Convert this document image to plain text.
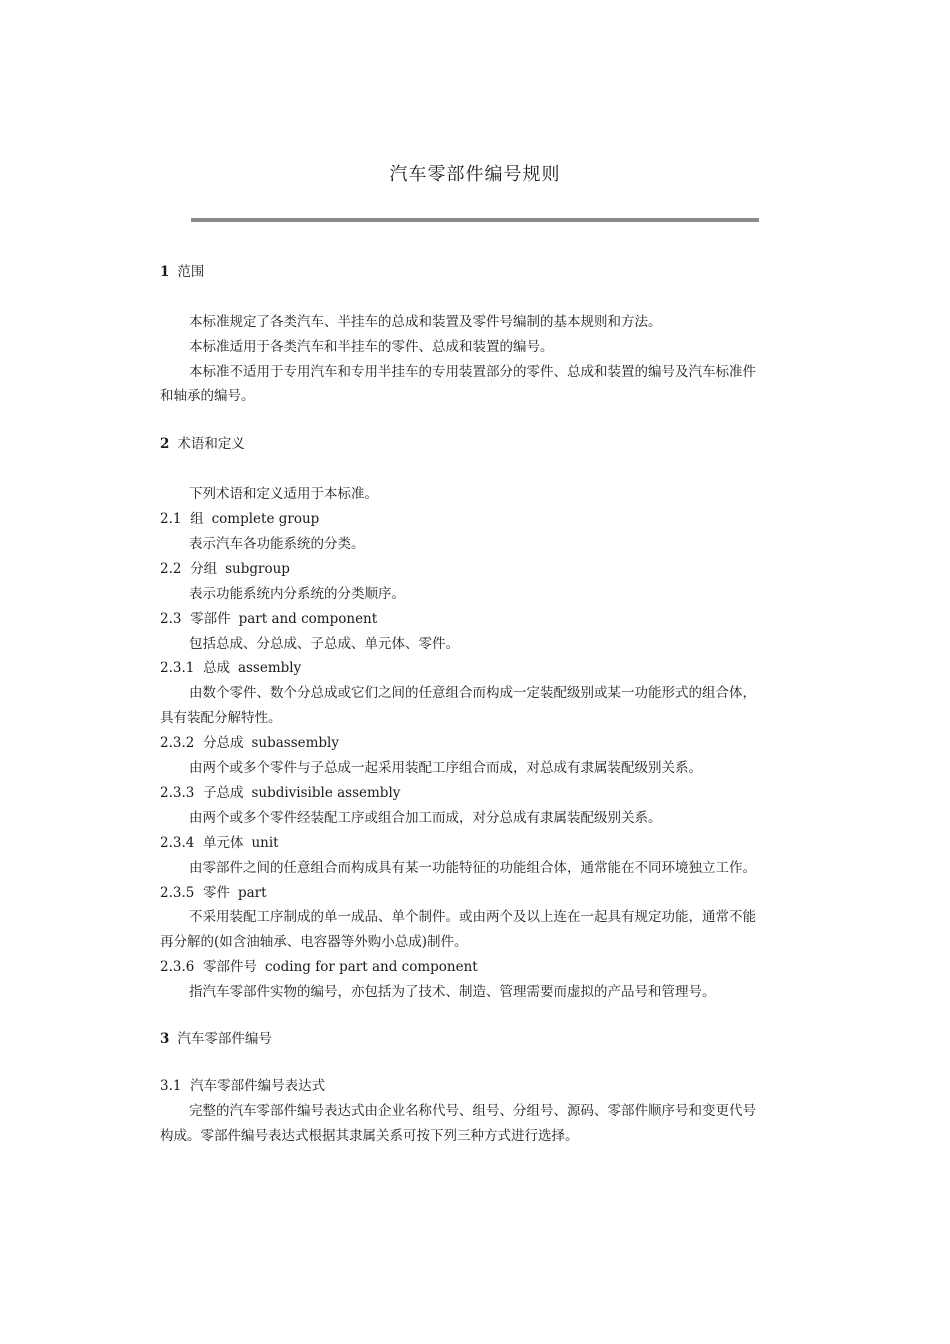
汽车零部件编号规则
1 范围
本标准规定了各类汽车、半挂车的总成和装置及零件号编制的基本规则和方法。
本标准适用于各类汽车和半挂车的零件、总成和装置的编号。
本标准不适用于专用汽车和专用半挂车的专用装置部分的零件、总成和装置的编号及汽车标准件
和轴承的编号。
2 术语和定义
下列术语和定义适用于本标准。
2.1 组 complete group
表示汽车各功能系统的分类。
2.2 分组 subgroup
表示功能系统内分系统的分类顺序。
2.3 零部件 part and component
包括总成、分总成、子总成、单元体、零件。
2.3.1 总成 assembly
由数个零件、数个分总成或它们之间的任意组合而构成一定装配级别或某一功能形式的组合体，
具有装配分解特性。
2.3.2 分总成 subassembly
由两个或多个零件与子总成一起采用装配工序组合而成，对总成有隶属装配级别关系。
2.3.3 子总成 subdivisible assembly
由两个或多个零件经装配工序或组合加工而成，对分总成有隶属装配级别关系。
2.3.4 单元体 unit
由零部件之间的任意组合而构成具有某一功能特征的功能组合体，通常能在不同环境独立工作。
2.3.5 零件 part
不采用装配工序制成的单一成品、单个制件。或由两个及以上连在一起具有规定功能，通常不能
再分解的(如含油轴承、电容器等外购小总成)制件。
2.3.6 零部件号 coding for part and component
指汽车零部件实物的编号，亦包括为了技术、制造、管理需要而虚拟的产品号和管理号。
3 汽车零部件编号
3.1 汽车零部件编号表达式
完整的汽车零部件编号表达式由企业名称代号、组号、分组号、源码、零部件顺序号和变更代号
构成。零部件编号表达式根据其隶属关系可按下列三种方式进行选择。
